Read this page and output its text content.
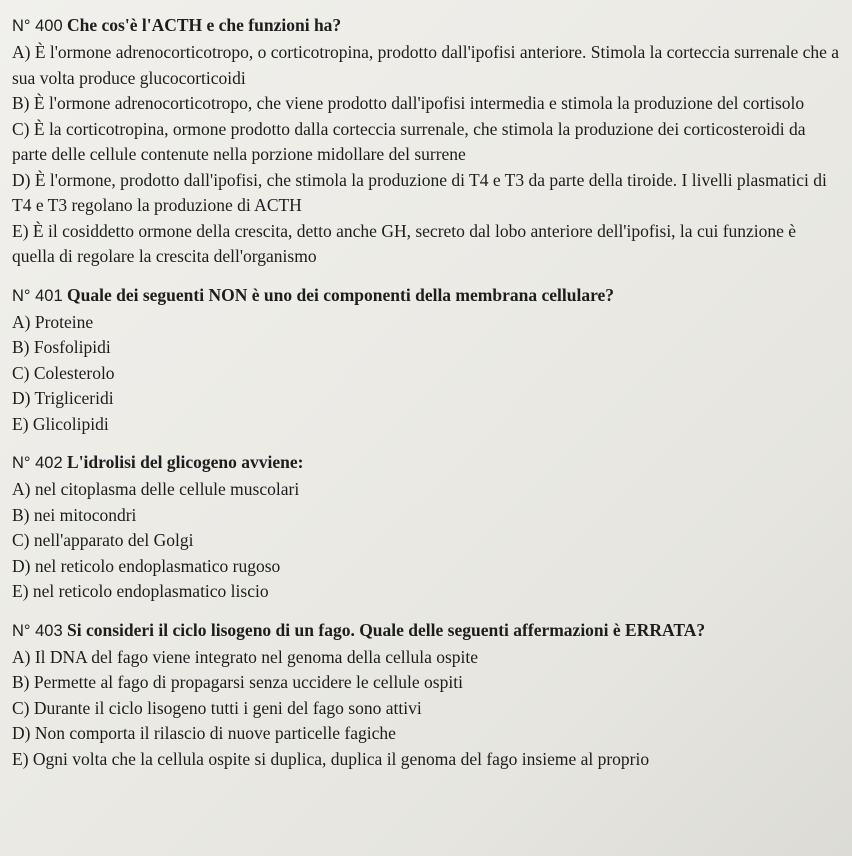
N° 400 Che cos'è l'ACTH e che funzioni ha?
A) È l'ormone adrenocorticotropo, o corticotropina, prodotto dall'ipofisi anteriore. Stimola la corteccia surrenale che a sua volta produce glucocorticoidi
B) È l'ormone adrenocorticotropo, che viene prodotto dall'ipofisi intermedia e stimola la produzione del cortisolo
C) È la corticotropina, ormone prodotto dalla corteccia surrenale, che stimola la produzione dei corticosteroidi da parte delle cellule contenute nella porzione midollare del surrene
D) È l'ormone, prodotto dall'ipofisi, che stimola la produzione di T4 e T3 da parte della tiroide. I livelli plasmatici di T4 e T3 regolano la produzione di ACTH
E) È il cosiddetto ormone della crescita, detto anche GH, secreto dal lobo anteriore dell'ipofisi, la cui funzione è quella di regolare la crescita dell'organismo
N° 401 Quale dei seguenti NON è uno dei componenti della membrana cellulare?
A) Proteine
B) Fosfolipidi
C) Colesterolo
D) Trigliceridi
E) Glicolipidi
N° 402 L'idrolisi del glicogeno avviene:
A) nel citoplasma delle cellule muscolari
B) nei mitocondri
C) nell'apparato del Golgi
D) nel reticolo endoplasmatico rugoso
E) nel reticolo endoplasmatico liscio
N° 403 Si consideri il ciclo lisogeno di un fago. Quale delle seguenti affermazioni è ERRATA?
A) Il DNA del fago viene integrato nel genoma della cellula ospite
B) Permette al fago di propagarsi senza uccidere le cellule ospiti
C) Durante il ciclo lisogeno tutti i geni del fago sono attivi
D) Non comporta il rilascio di nuove particelle fagiche
E) Ogni volta che la cellula ospite si duplica, duplica il genoma del fago insieme al proprio
